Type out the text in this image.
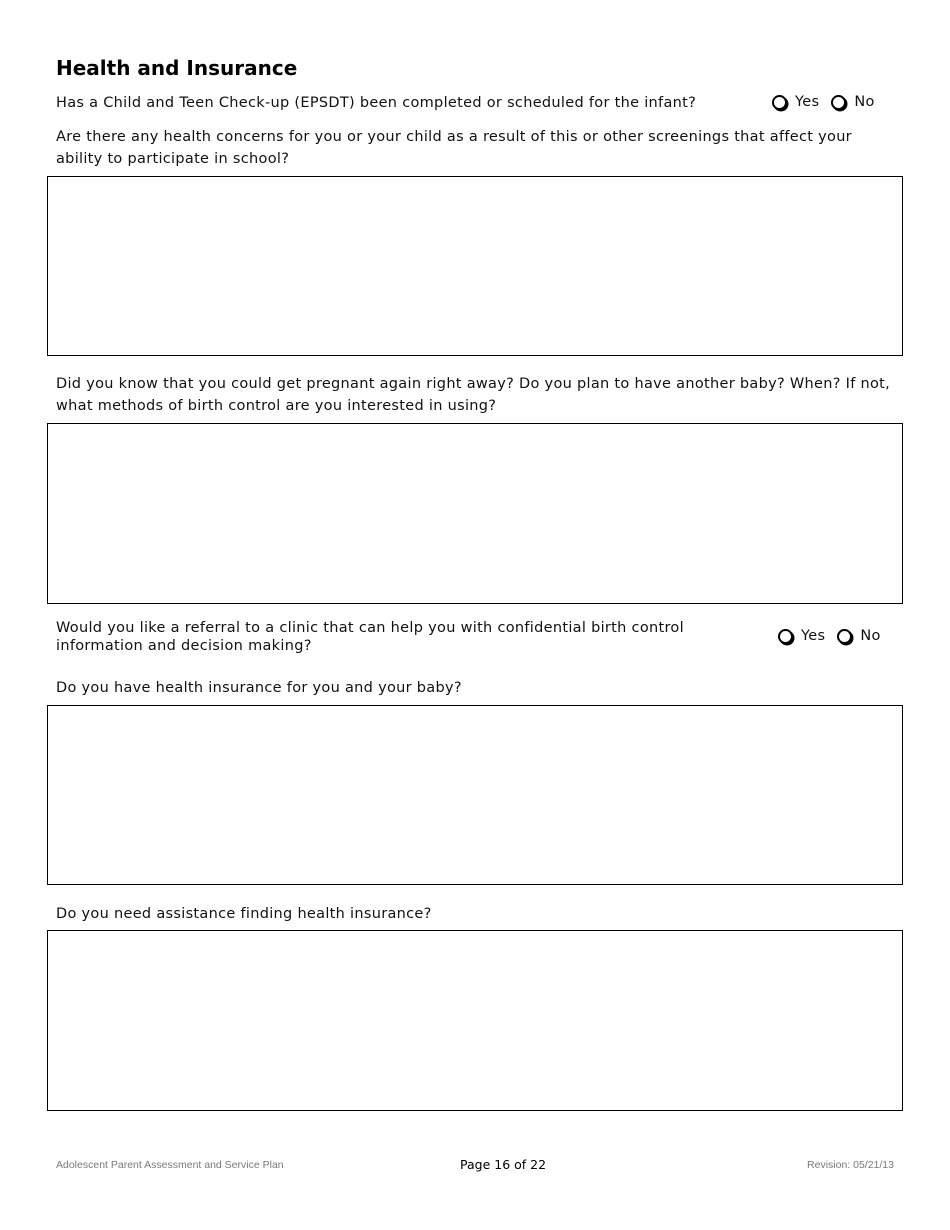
Health and Insurance
Has a Child and Teen Check-up (EPSDT) been completed or scheduled for the infant?	Yes No
Are there any health concerns for you or your child as a result of this or other screenings that affect your ability to participate in school?
Did you know that you could get pregnant again right away? Do you plan to have another baby? When? If not, what methods of birth control are you interested in using?
Would you like a referral to a clinic that can help you with confidential birth control information and decision making?
Yes No
Do you have health insurance for you and your baby?
Do you need assistance finding health insurance?
Adolescent Parent Assessment and Service Plan	Page 16 of 22	Revision: 05/21/13
